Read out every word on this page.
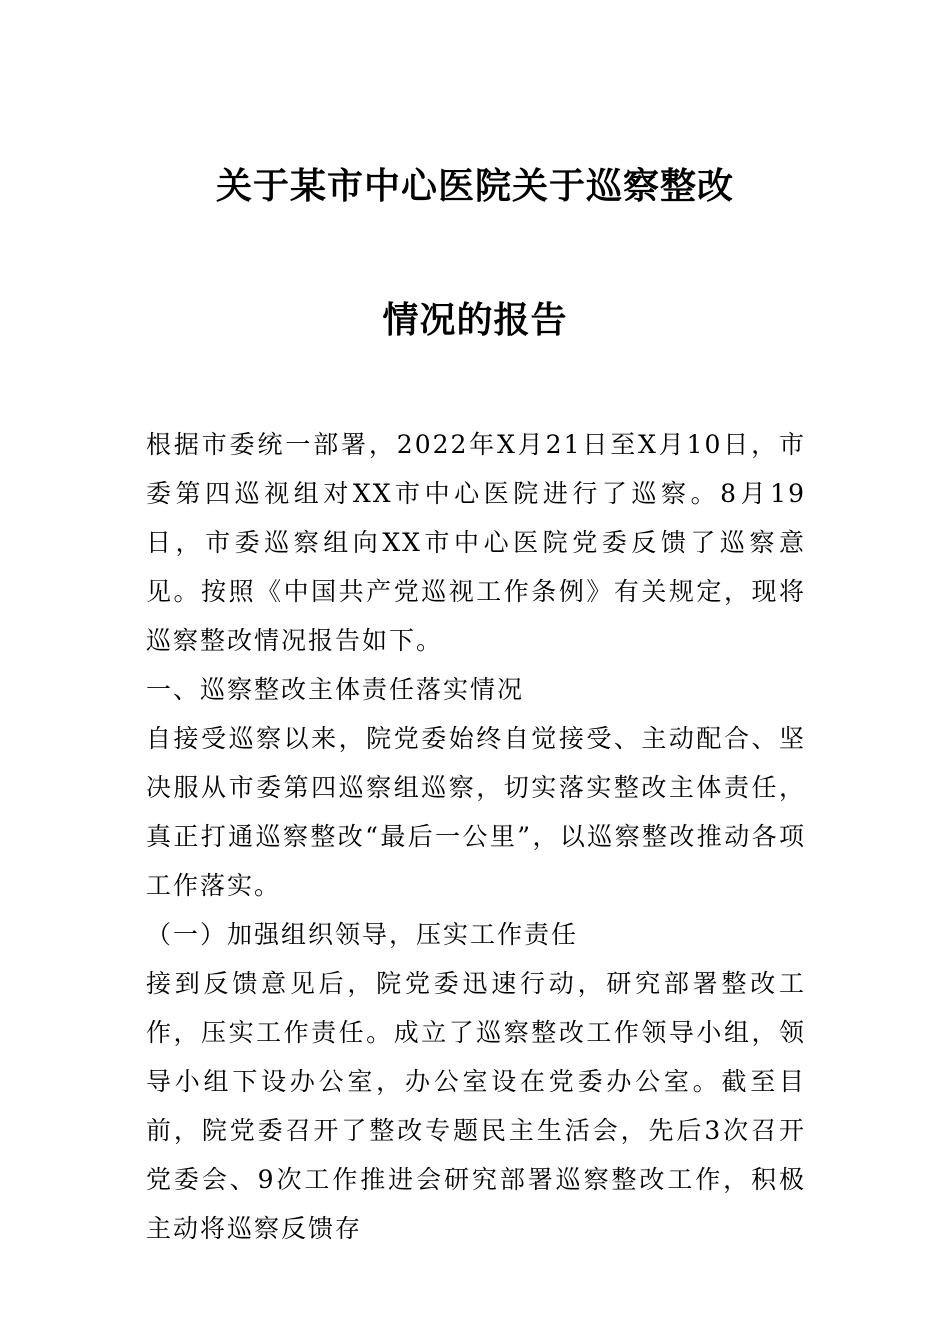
关于某市中心医院关于巡察整改
情况的报告

根据市委统一部署，2022年X月21日至X月10日，市委第四巡视组对XX市中心医院进行了巡察。8月19日，市委巡察组向XX市中心医院党委反馈了巡察意见。按照《中国共产党巡视工作条例》有关规定，现将巡察整改情况报告如下。

一、巡察整改主体责任落实情况

自接受巡察以来，院党委始终自觉接受、主动配合、坚决服从市委第四巡察组巡察，切实落实整改主体责任，真正打通巡察整改“最后一公里”，以巡察整改推动各项工作落实。

（一）加强组织领导，压实工作责任

接到反馈意见后，院党委迅速行动，研究部署整改工作，压实工作责任。成立了巡察整改工作领导小组，领导小组下设办公室，办公室设在党委办公室。截至目前，院党委召开了整改专题民主生活会，先后3次召开党委会、9次工作推进会研究部署巡察整改工作，积极主动将巡察反馈存
